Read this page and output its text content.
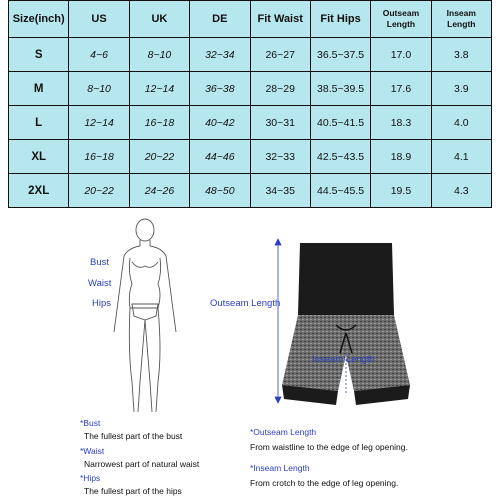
Size(inch)	US	UK	DE	Fit Waist	Fit Hips	Outseam Length	Inseam Length
S	4~6	8~10	32~34	26~27	36.5~37.5	17.0	3.8
M	8~10	12~14	36~38	28~29	38.5~39.5	17.6	3.9
L	12~14	16~18	40~42	30~31	40.5~41.5	18.3	4.0
XL	16~18	20~22	44~46	32~33	42.5~43.5	18.9	4.1
2XL	20~22	24~26	48~50	34~35	44.5~45.5	19.5	4.3
Bust
Waist
Hips	Outseam Length
Inseam Length
*Bust
The fullest part of the bust
*Waist
Narrowest part of natural waist
*Hips
The fullest part of the hips
*Outseam Length
From waistline to the edge of leg opening.
*Inseam Length
From crotch to the edge of leg opening.
